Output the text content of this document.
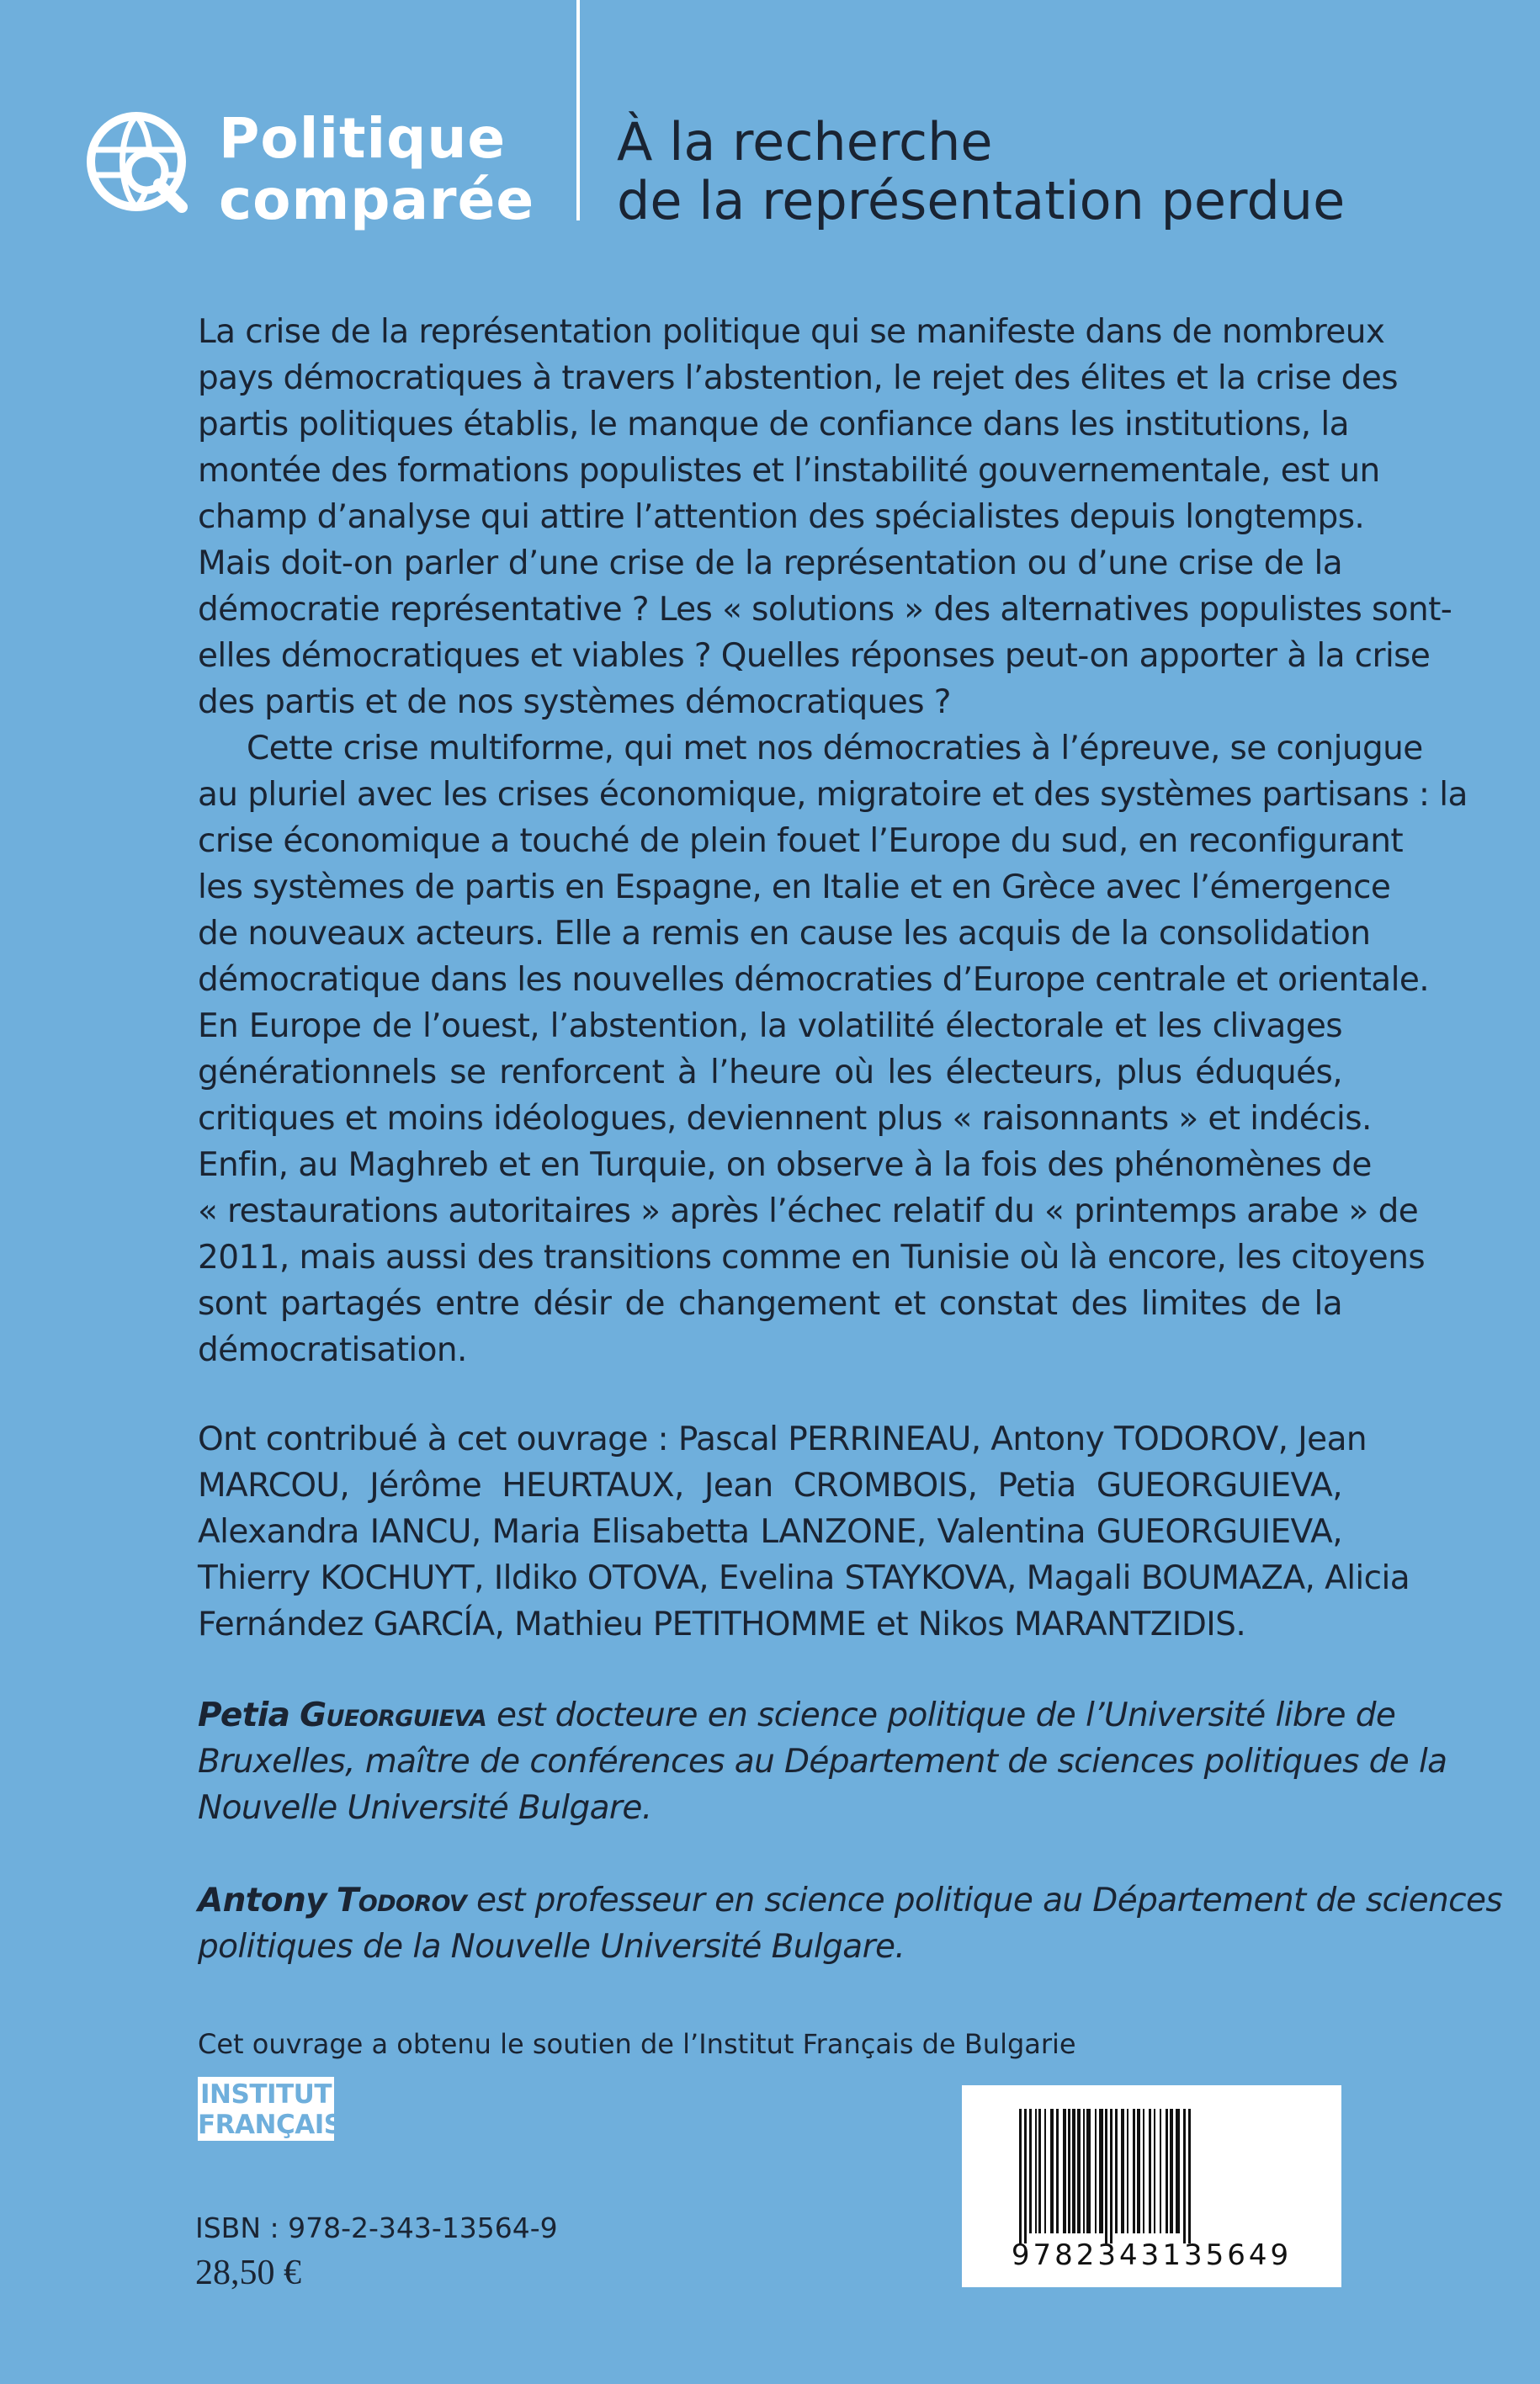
Politique
comparée
À la recherche
de la représentation perdue
La crise de la représentation politique qui se manifeste dans de nombreux
pays démocratiques à travers l’abstention, le rejet des élites et la crise des
partis politiques établis, le manque de confiance dans les institutions, la
montée des formations populistes et l’instabilité gouvernementale, est un
champ d’analyse qui attire l’attention des spécialistes depuis longtemps.
Mais doit-on parler d’une crise de la représentation ou d’une crise de la
démocratie représentative ? Les « solutions » des alternatives populistes sont-
elles démocratiques et viables ? Quelles réponses peut-on apporter à la crise
des partis et de nos systèmes démocratiques ?
Cette crise multiforme, qui met nos démocraties à l’épreuve, se conjugue
au pluriel avec les crises économique, migratoire et des systèmes partisans : la
crise économique a touché de plein fouet l’Europe du sud, en reconfigurant
les systèmes de partis en Espagne, en Italie et en Grèce avec l’émergence
de nouveaux acteurs. Elle a remis en cause les acquis de la consolidation
démocratique dans les nouvelles démocraties d’Europe centrale et orientale.
En Europe de l’ouest, l’abstention, la volatilité électorale et les clivages
générationnels se renforcent à l’heure où les électeurs, plus éduqués,
critiques et moins idéologues, deviennent plus « raisonnants » et indécis.
Enfin, au Maghreb et en Turquie, on observe à la fois des phénomènes de
« restaurations autoritaires » après l’échec relatif du « printemps arabe » de
2011, mais aussi des transitions comme en Tunisie où là encore, les citoyens
sont partagés entre désir de changement et constat des limites de la
démocratisation.
Ont contribué à cet ouvrage : Pascal PERRINEAU, Antony TODOROV, Jean
MARCOU, Jérôme HEURTAUX, Jean CROMBOIS, Petia GUEORGUIEVA,
Alexandra IANCU, Maria Elisabetta LANZONE, Valentina GUEORGUIEVA,
Thierry KOCHUYT, Ildiko OTOVA, Evelina STAYKOVA, Magali BOUMAZA, Alicia
Fernández GARCÍA, Mathieu PETITHOMME et Nikos MARANTZIDIS.
Petia Gueorguieva est docteure en science politique de l’Université libre de
Bruxelles, maître de conférences au Département de sciences politiques de la
Nouvelle Université Bulgare.
Antony Todorov est professeur en science politique au Département de sciences
politiques de la Nouvelle Université Bulgare.
Cet ouvrage a obtenu le soutien de l’Institut Français de Bulgarie
INSTITUT
FRANÇAIS
ISBN : 978-2-343-13564-9
28,50 €	9782343135649
